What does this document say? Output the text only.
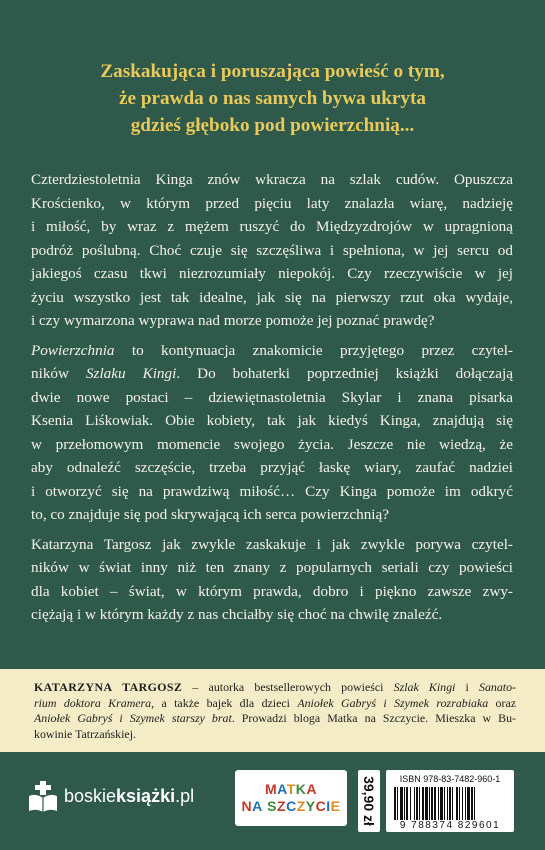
Zaskakująca i poruszająca powieść o tym,
że prawda o nas samych bywa ukryta
gdzieś głęboko pod powierzchnią...
Czterdziestoletnia Kinga znów wkracza na szlak cudów. Opuszcza
Krościenko, w którym przed pięciu laty znalazła wiarę, nadzieję
i miłość, by wraz z mężem ruszyć do Międzyzdrojów w upragnioną
podróż poślubną. Choć czuje się szczęśliwa i spełniona, w jej sercu od
jakiegoś czasu tkwi niezrozumiały niepokój. Czy rzeczywiście w jej
życiu wszystko jest tak idealne, jak się na pierwszy rzut oka wydaje,
i czy wymarzona wyprawa nad morze pomoże jej poznać prawdę?
Powierzchnia to kontynuacja znakomicie przyjętego przez czytel-
ników Szlaku Kingi. Do bohaterki poprzedniej książki dołączają
dwie nowe postaci – dziewiętnastoletnia Skylar i znana pisarka
Ksenia Liśkowiak. Obie kobiety, tak jak kiedyś Kinga, znajdują się
w przełomowym momencie swojego życia. Jeszcze nie wiedzą, że
aby odnaleźć szczęście, trzeba przyjąć łaskę wiary, zaufać nadziei
i otworzyć się na prawdziwą miłość… Czy Kinga pomoże im odkryć
to, co znajduje się pod skrywającą ich serca powierzchnią?
Katarzyna Targosz jak zwykle zaskakuje i jak zwykle porywa czytel-
ników w świat inny niż ten znany z popularnych seriali czy powieści
dla kobiet – świat, w którym prawda, dobro i piękno zawsze zwy-
ciężają i w którym każdy z nas chciałby się choć na chwilę znaleźć.
KATARZYNA TARGOSZ – autorka bestsellerowych powieści Szlak Kingi i Sanato-
rium doktora Kramera, a także bajek dla dzieci Aniołek Gabryś i Szymek rozrabiaka oraz
Aniołek Gabryś i Szymek starszy brat. Prowadzi bloga Matka na Szczycie. Mieszka w Bu-
kowinie Tatrzańskiej.
boskieksiążki.pl	MATKA
NA SZCZYCIE 39,90 zł	ISBN 978-83-7482-960-1
9 788374 829601
